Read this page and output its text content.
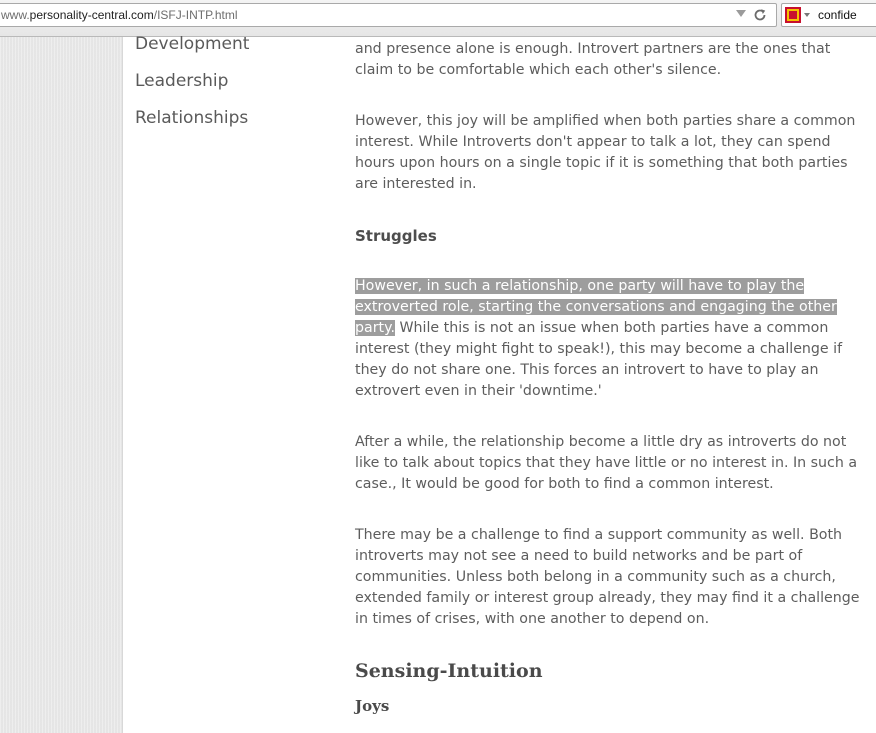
www.personality-central.com/ISFJ-INTP.html	confide
Development
Leadership
Relationships

and presence alone is enough. Introvert partners are the ones that claim to be comfortable which each other's silence.

However, this joy will be amplified when both parties share a common interest. While Introverts don't appear to talk a lot, they can spend hours upon hours on a single topic if it is something that both parties are interested in.

Struggles

However, in such a relationship, one party will have to play the extroverted role, starting the conversations and engaging the other party. While this is not an issue when both parties have a common interest (they might fight to speak!), this may become a challenge if they do not share one. This forces an introvert to have to play an extrovert even in their 'downtime.'

After a while, the relationship become a little dry as introverts do not like to talk about topics that they have little or no interest in. In such a case., It would be good for both to find a common interest.

There may be a challenge to find a support community as well. Both introverts may not see a need to build networks and be part of communities. Unless both belong in a community such as a church, extended family or interest group already, they may find it a challenge in times of crises, with one another to depend on.

Sensing-Intuition
Joys
